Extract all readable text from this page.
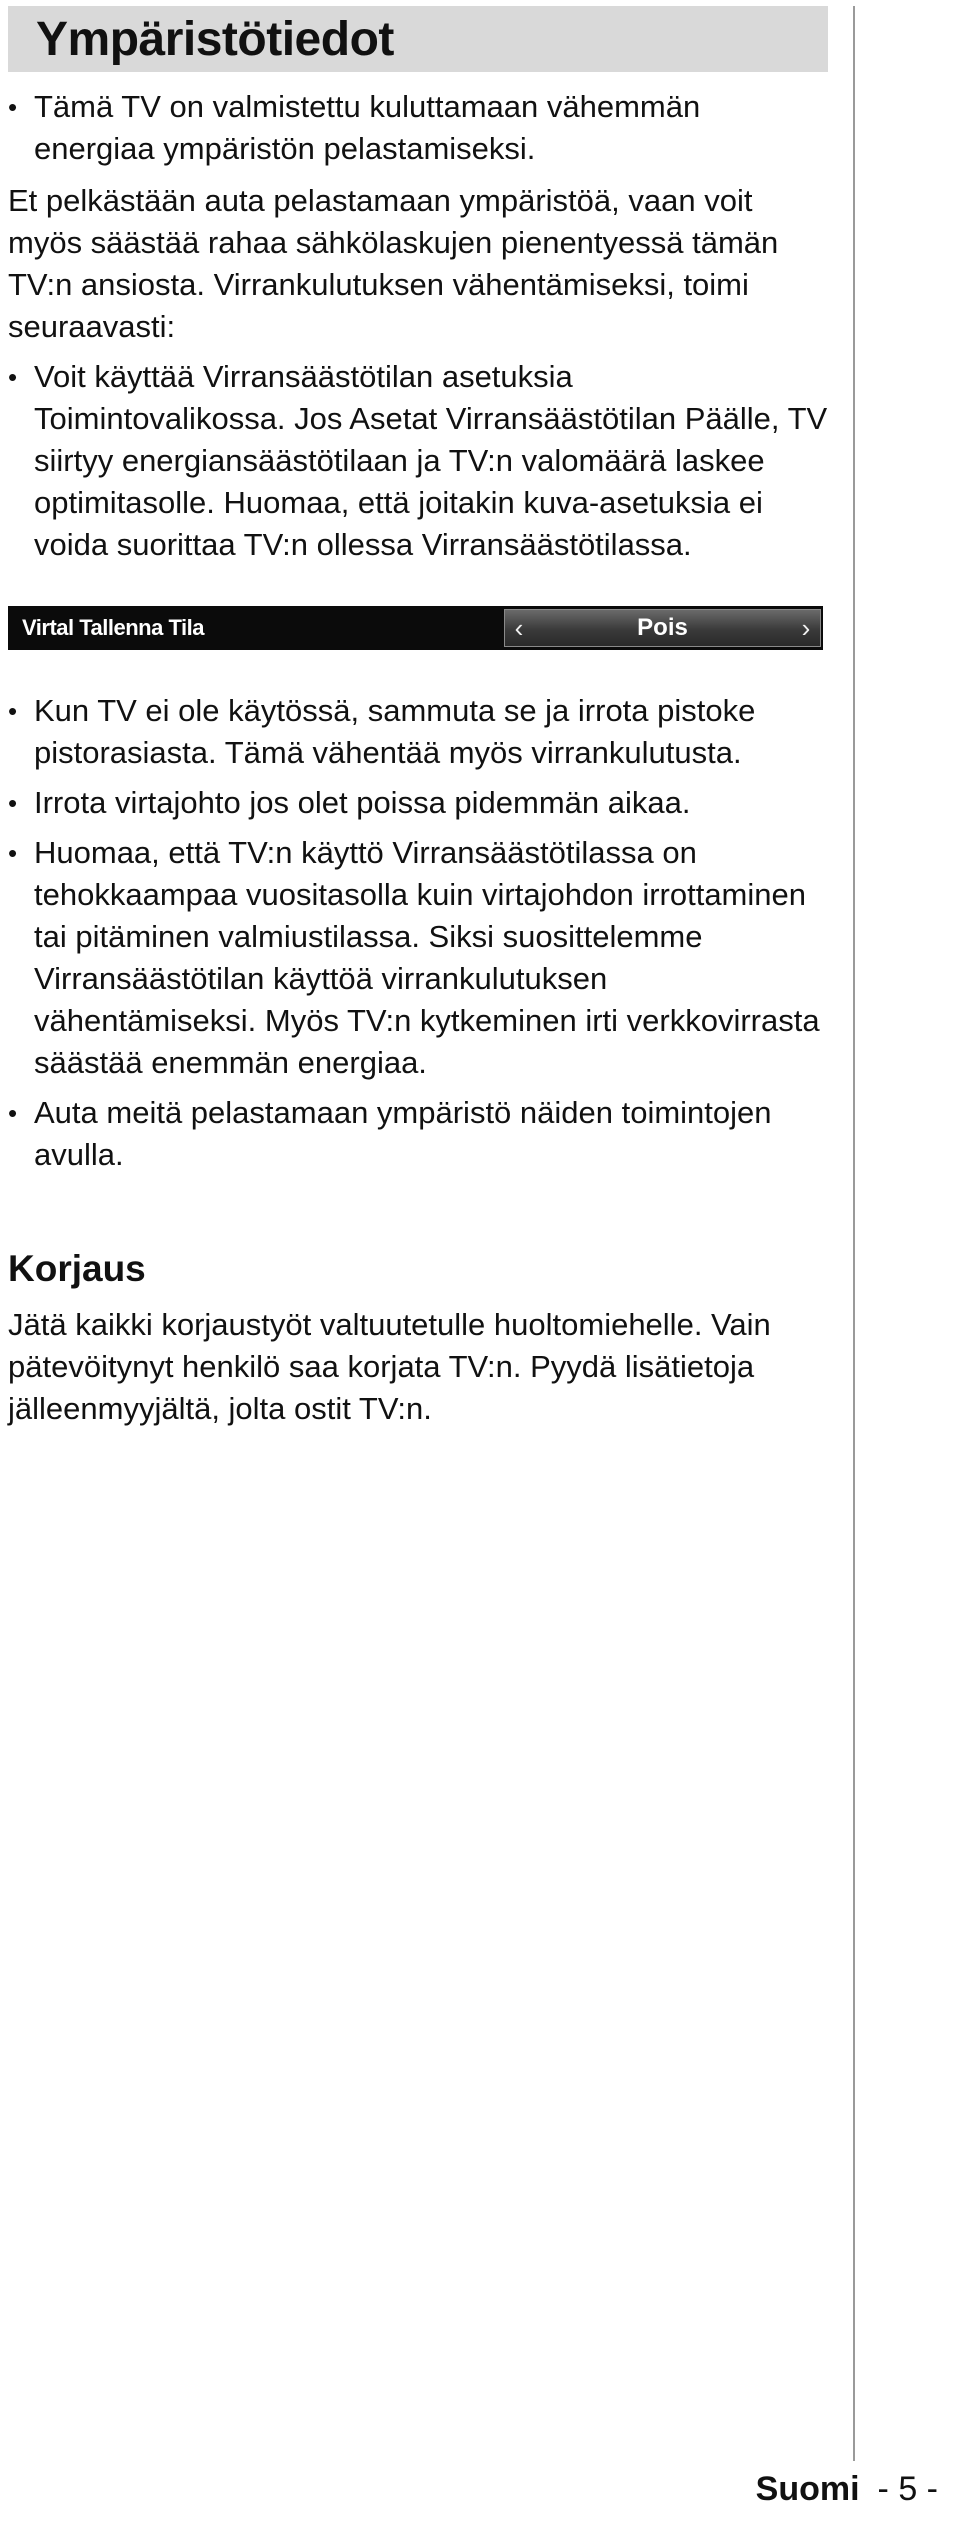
Ympäristötiedot
• Tämä TV on valmistettu kuluttamaan vähemmän energiaa ympäristön pelastamiseksi.
Et pelkästään auta pelastamaan ympäristöä, vaan voit myös säästää rahaa sähkölaskujen pienentyessä tämän TV:n ansiosta. Virrankulutuksen vähentämiseksi, toimi seuraavasti:
• Voit käyttää Virransäästötilan asetuksia Toimintovalikossa. Jos Asetat Virransäästötilan Päälle, TV siirtyy energiansäästötilaan ja TV:n valomäärä laskee optimitasolle. Huomaa, että joitakin kuva-asetuksia ei voida suorittaa TV:n ollessa Virransäästötilassa.
Virtal Tallenna Tila	‹	Pois	›
• Kun TV ei ole käytössä, sammuta se ja irrota pistoke pistorasiasta. Tämä vähentää myös virrankulutusta.
• Irrota virtajohto jos olet poissa pidemmän aikaa.
• Huomaa, että TV:n käyttö Virransäästötilassa on tehokkaampaa vuositasolla kuin virtajohdon irrottaminen tai pitäminen valmiustilassa. Siksi suosittelemme Virransäästötilan käyttöä virrankulutuksen vähentämiseksi. Myös TV:n kytkeminen irti verkkovirrasta säästää enemmän energiaa.
• Auta meitä pelastamaan ympäristö näiden toimintojen avulla.
Korjaus
Jätä kaikki korjaustyöt valtuutetulle huoltomiehelle. Vain pätevöitynyt henkilö saa korjata TV:n. Pyydä lisätietoja jälleenmyyjältä, jolta ostit TV:n.
Suomi - 5 -
